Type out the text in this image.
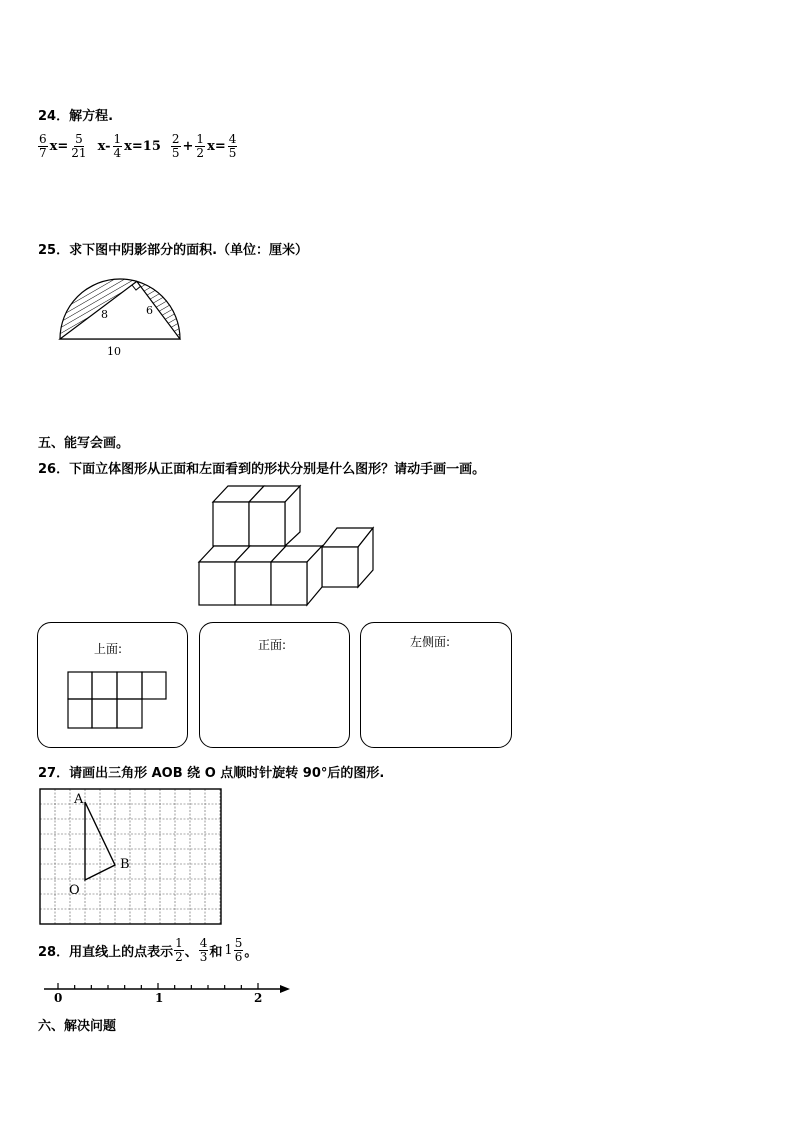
24．解方程.
$\frac{6}{7} x= \frac{5}{21} x- \frac{1}{4} x=15 \frac{2}{5} + \frac{1}{2} x= \frac{4}{5}$
25．求下图中阴影部分的面积.（单位：厘米）
8	6
10
五、能写会画。
26．下面立体图形从正面和左面看到的形状分别是什么图形？请动手画一画。
上面:	正面:	左侧面:
27．请画出三角形 AOB 绕 O 点顺时针旋转 90°后的图形.
A
B
O
28．用直线上的点表示 $\frac{1}{2}$ 、 $\frac{4}{3}$ 和 $1 \frac{5}{6}$ 。
0	1	2
六、解决问题
